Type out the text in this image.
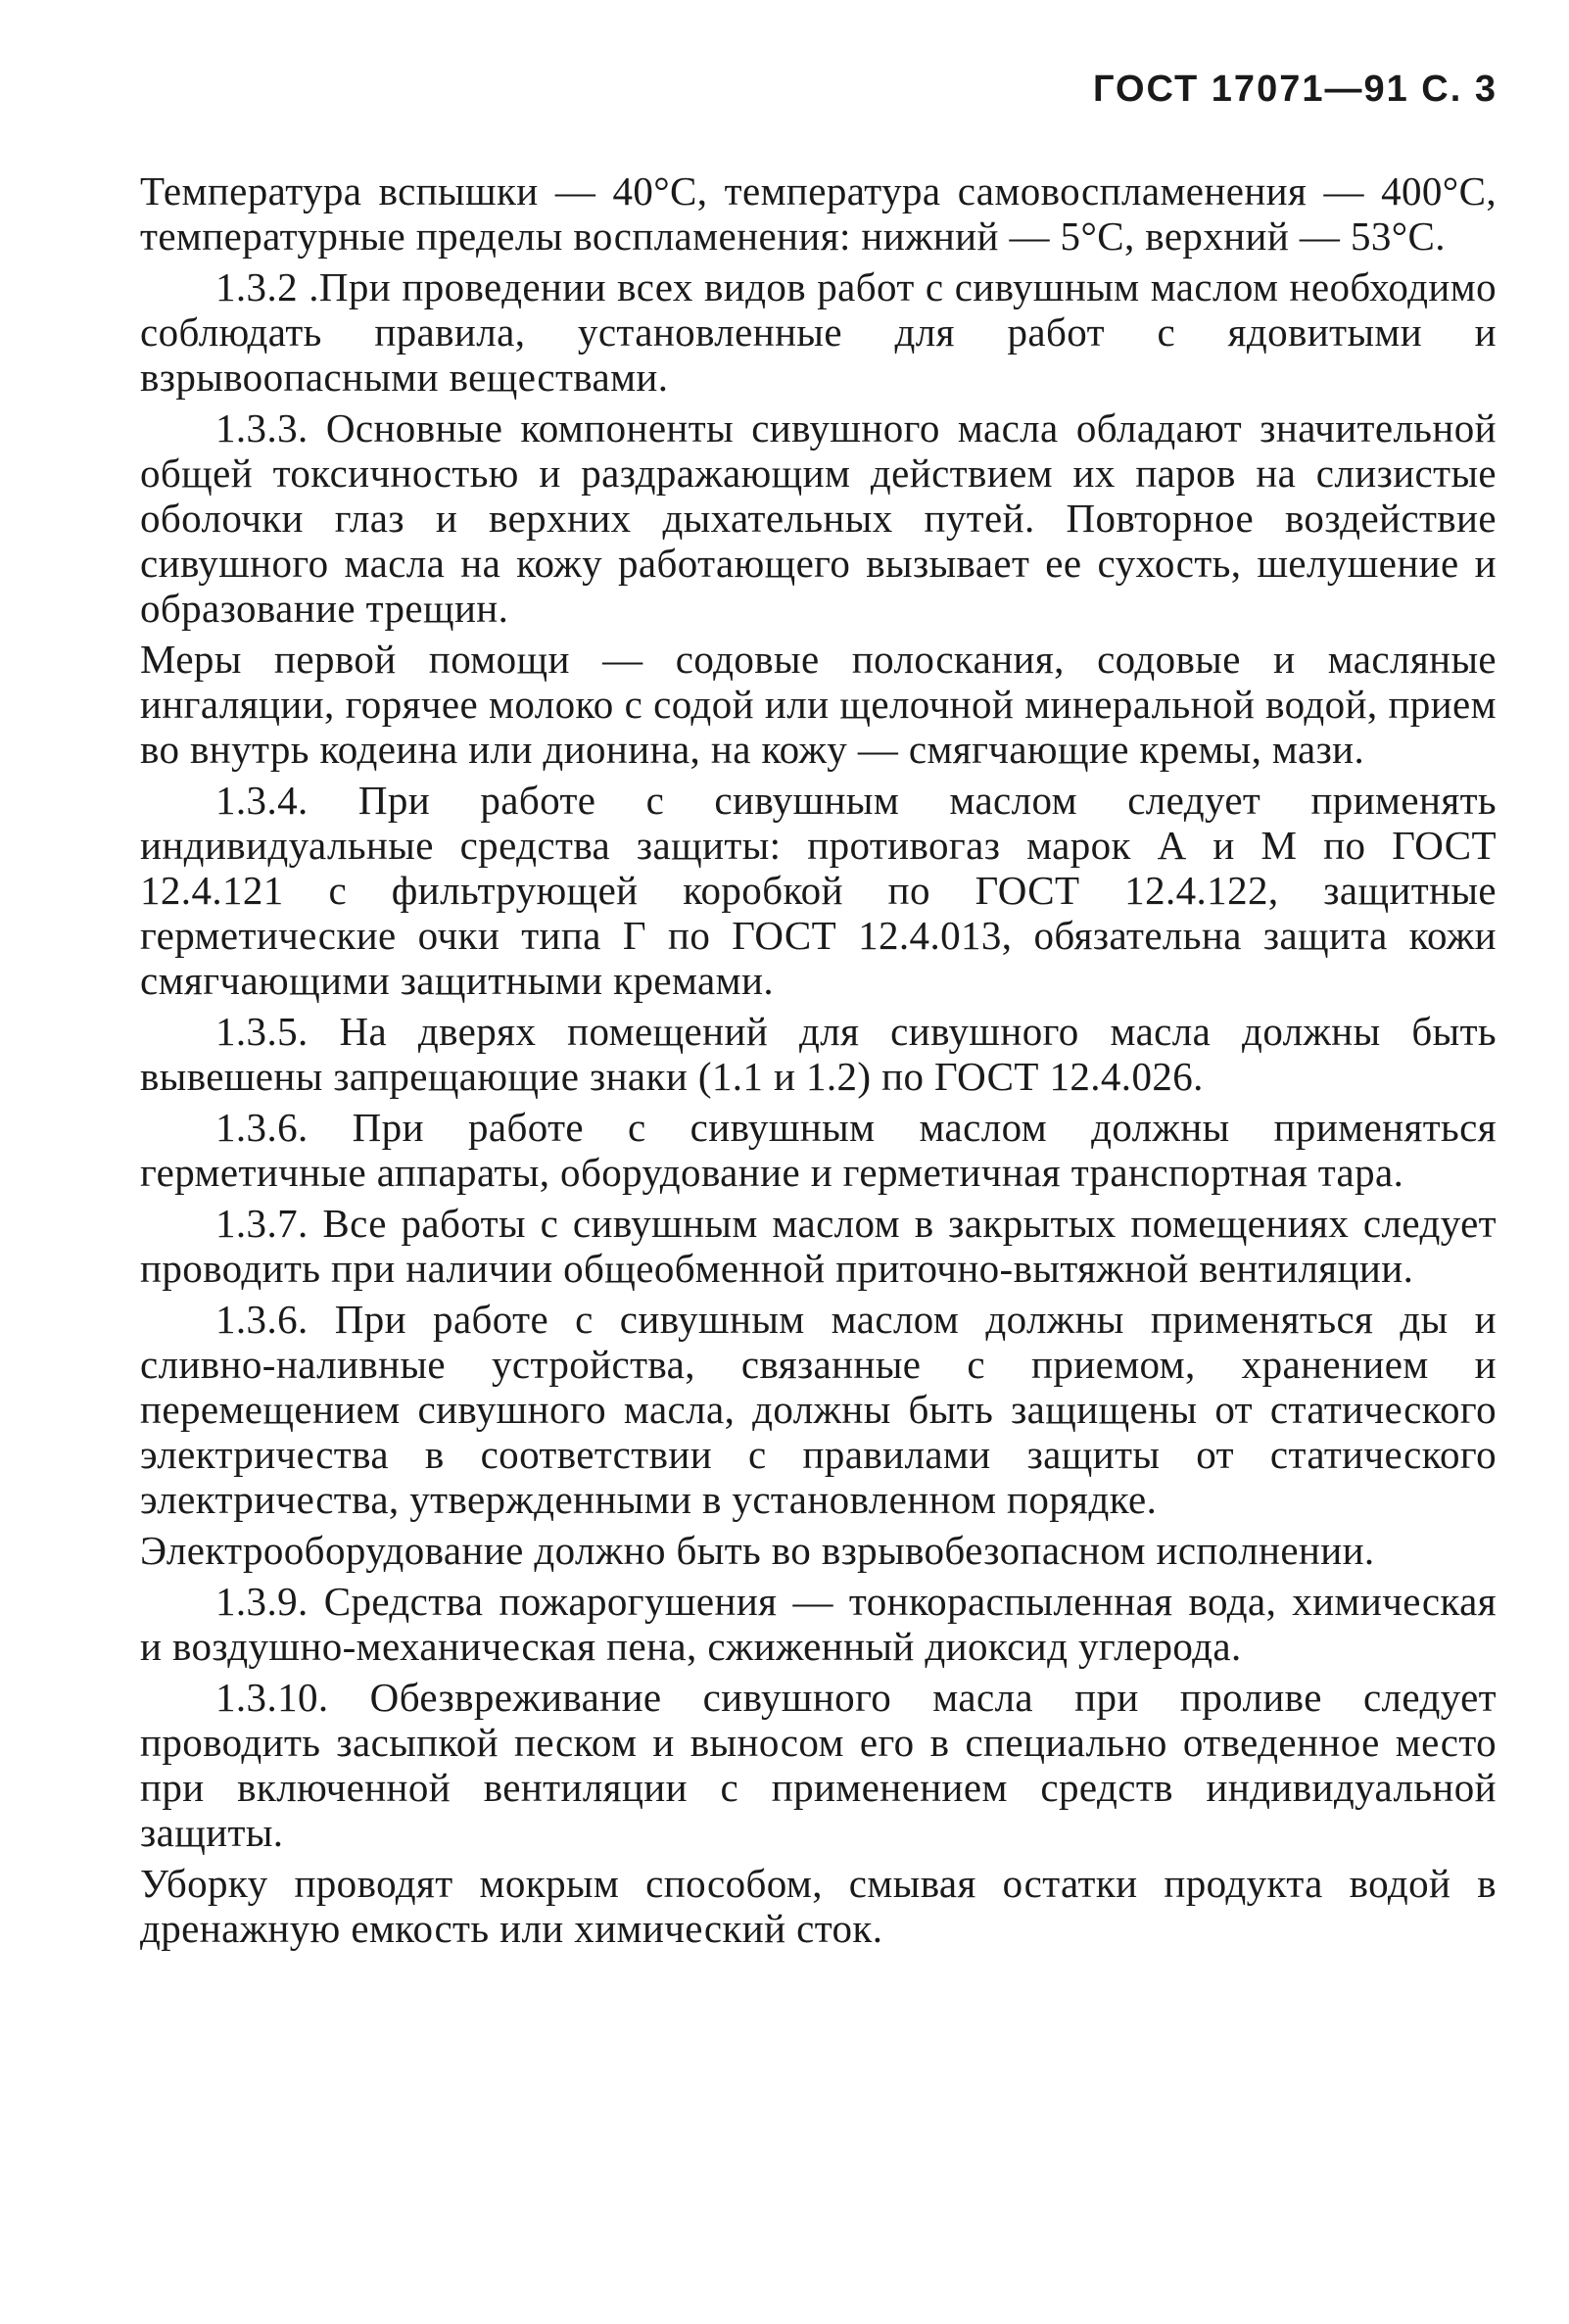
ГОСТ 17071—91 С. 3

Температура вспышки — 40°С, температура самовоспламенения — 400°С, температурные пределы воспламенения: нижний — 5°С, верхний — 53°С.

1.3.2 .При проведении всех видов работ с сивушным маслом необходимо соблюдать правила, установленные для работ с ядовитыми и взрывоопасными веществами.

1.3.3. Основные компоненты сивушного масла обладают значительной общей токсичностью и раздражающим действием их паров на слизистые оболочки глаз и верхних дыхательных путей. Повторное воздействие сивушного масла на кожу работающего вызывает ее сухость, шелушение и образование трещин.

Меры первой помощи — содовые полоскания, содовые и масляные ингаляции, горячее молоко с содой или щелочной минеральной водой, прием во внутрь кодеина или дионина, на кожу — смягчающие кремы, мази.

1.3.4. При работе с сивушным маслом следует применять индивидуальные средства защиты: противогаз марок А и М по ГОСТ 12.4.121 с фильтрующей коробкой по ГОСТ 12.4.122, защитные герметические очки типа Г по ГОСТ 12.4.013, обязательна защита кожи смягчающими защитными кремами.

1.3.5. На дверях помещений для сивушного масла должны быть вывешены запрещающие знаки (1.1 и 1.2) по ГОСТ 12.4.026.

1.3.6. При работе с сивушным маслом должны применяться герметичные аппараты, оборудование и герметичная транспортная тара.

1.3.7. Все работы с сивушным маслом в закрытых помещениях следует проводить при наличии общеобменной приточно-вытяжной вентиляции.

1.3.6. При работе с сивушным маслом должны применяться ды и сливно-наливные устройства, связанные с приемом, хранением и перемещением сивушного масла, должны быть защищены от статического электричества в соответствии с правилами защиты от статического электричества, утвержденными в установленном порядке.

Электрооборудование должно быть во взрывобезопасном исполнении.

1.3.9. Средства пожарогушения — тонкораспыленная вода, химическая и воздушно-механическая пена, сжиженный диоксид углерода.

1.3.10. Обезвреживание сивушного масла при проливе следует проводить засыпкой песком и выносом его в специально отведенное место при включенной вентиляции с применением средств индивидуальной защиты.

Уборку проводят мокрым способом, смывая остатки продукта водой в дренажную емкость или химический сток.
